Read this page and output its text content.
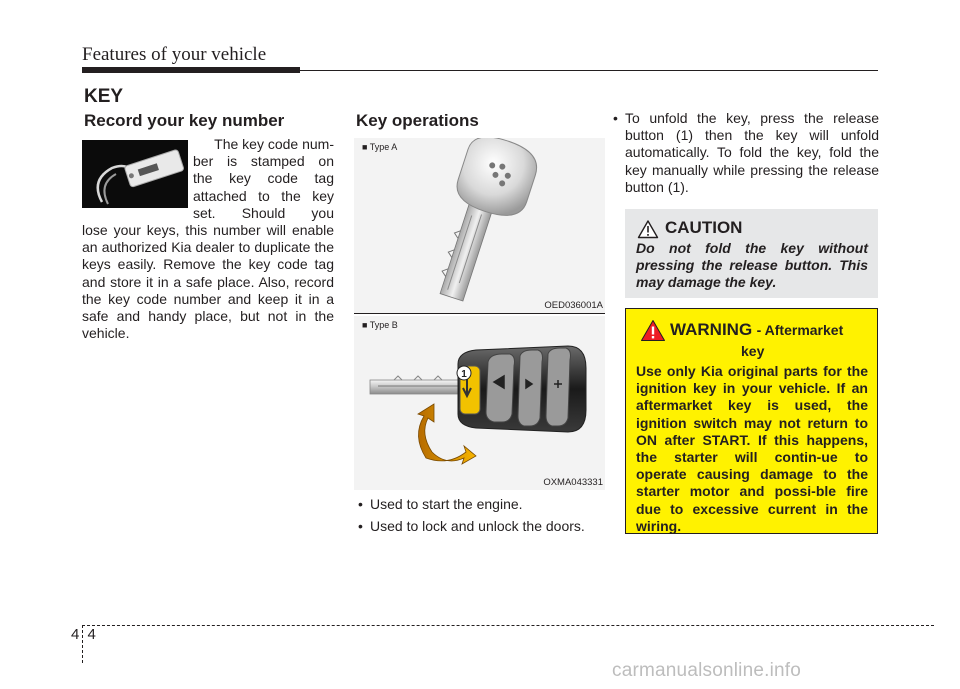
Features of your vehicle
KEY
Record your key number
The key code num-
ber is stamped on
the key code tag
attached to the key
set. Should you
lose your keys, this number will enable an authorized Kia dealer to duplicate the keys easily. Remove the key code tag and store it in a safe place. Also, record the key code number and keep it in a safe and handy place, but not in the vehicle.
Key operations
■ Type A
OED036001A
■ Type B
1
OXMA043331
• Used to start the engine.
• Used to lock and unlock the doors.
• To unfold the key, press the release button (1) then the key will unfold automatically. To fold the key, fold the key manually while pressing the release button (1).
CAUTION
Do not fold the key without pressing the release button. This may damage the key.
WARNING - Aftermarket
key
Use only Kia original parts for the ignition key in your vehicle. If an aftermarket key is used, the ignition switch may not return to ON after START. If this happens, the starter will contin-ue to operate causing damage to the starter motor and possi-ble fire due to excessive current in the wiring.
4 4
carmanualsonline.info
